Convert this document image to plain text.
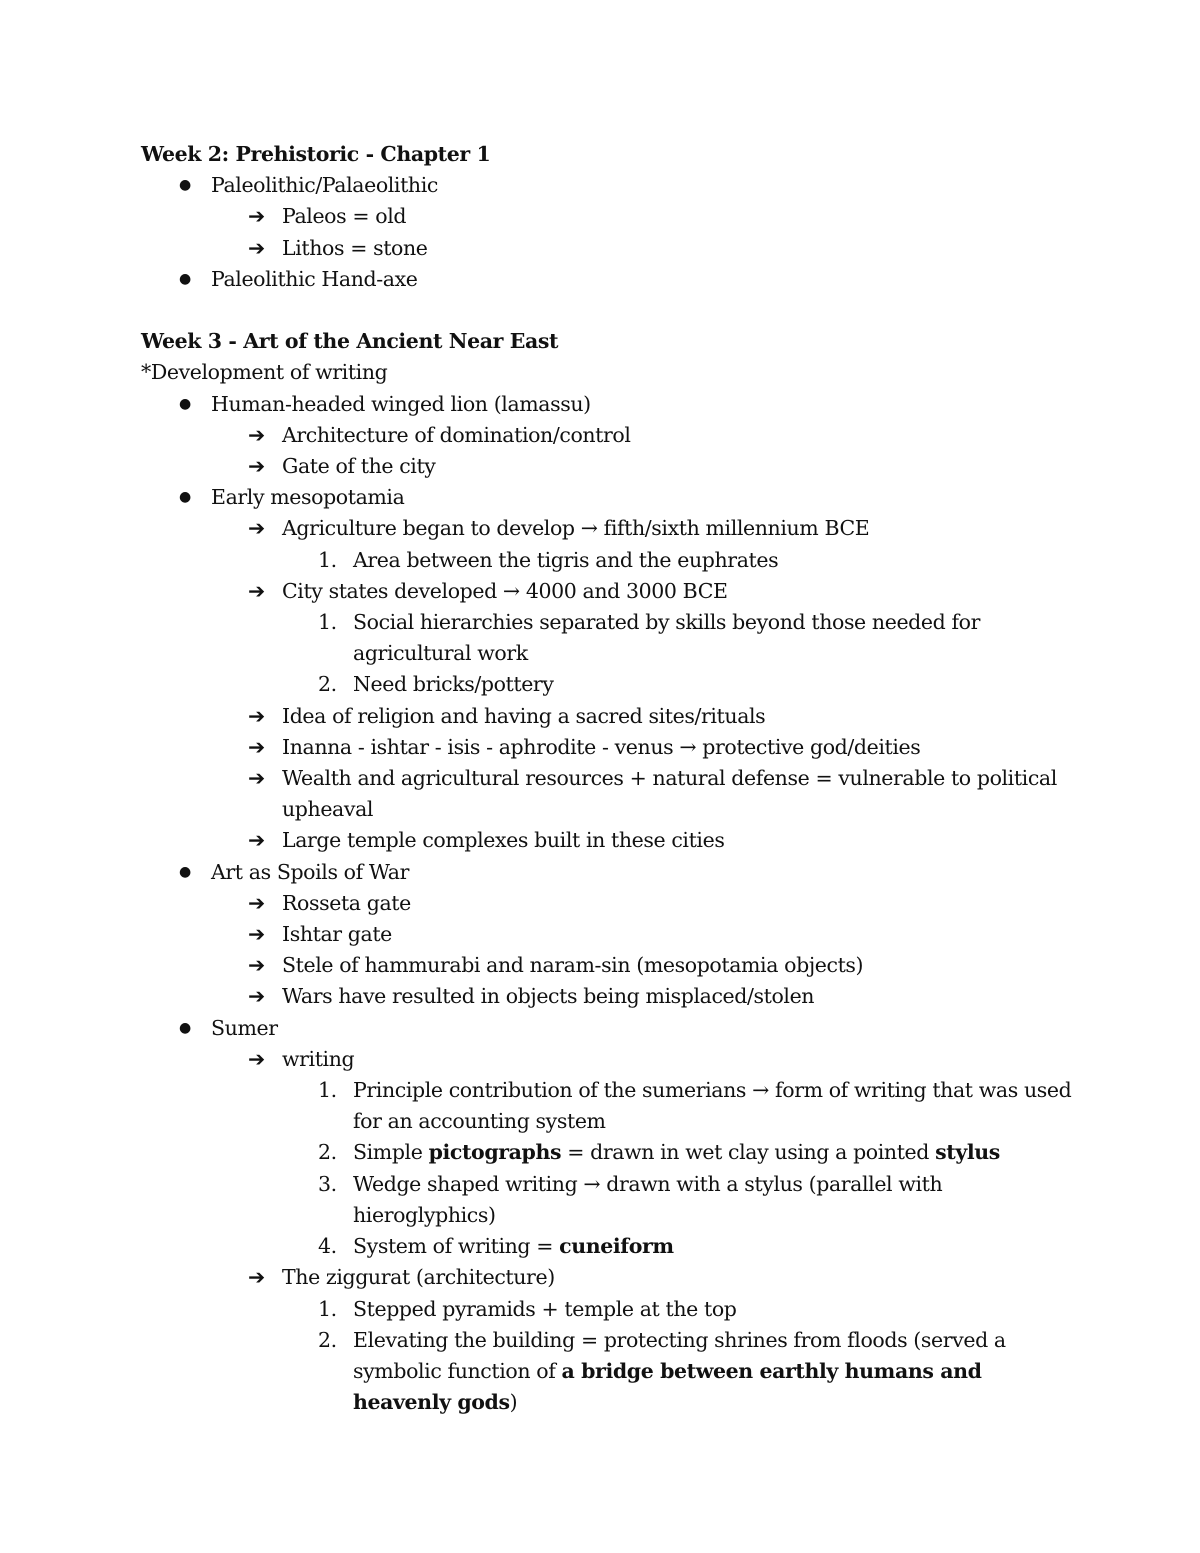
Week 2: Prehistoric - Chapter 1

● Paleolithic/Palaeolithic
➔ Paleos = old
➔ Lithos = stone
● Paleolithic Hand-axe

Week 3 - Art of the Ancient Near East

*Development of writing
● Human-headed winged lion (lamassu)
➔ Architecture of domination/control
➔ Gate of the city
● Early mesopotamia
➔ Agriculture began to develop → fifth/sixth millennium BCE
1. Area between the tigris and the euphrates
➔ City states developed → 4000 and 3000 BCE
1. Social hierarchies separated by skills beyond those needed for agricultural work
2. Need bricks/pottery
➔ Idea of religion and having a sacred sites/rituals
➔ Inanna - ishtar - isis - aphrodite - venus → protective god/deities
➔ Wealth and agricultural resources + natural defense = vulnerable to political upheaval
➔ Large temple complexes built in these cities
● Art as Spoils of War
➔ Rosseta gate
➔ Ishtar gate
➔ Stele of hammurabi and naram-sin (mesopotamia objects)
➔ Wars have resulted in objects being misplaced/stolen
● Sumer
➔ writing
1. Principle contribution of the sumerians → form of writing that was used for an accounting system
2. Simple pictographs = drawn in wet clay using a pointed stylus
3. Wedge shaped writing → drawn with a stylus (parallel with hieroglyphics)
4. System of writing = cuneiform
➔ The ziggurat (architecture)
1. Stepped pyramids + temple at the top
2. Elevating the building = protecting shrines from floods (served a symbolic function of a bridge between earthly humans and heavenly gods)
